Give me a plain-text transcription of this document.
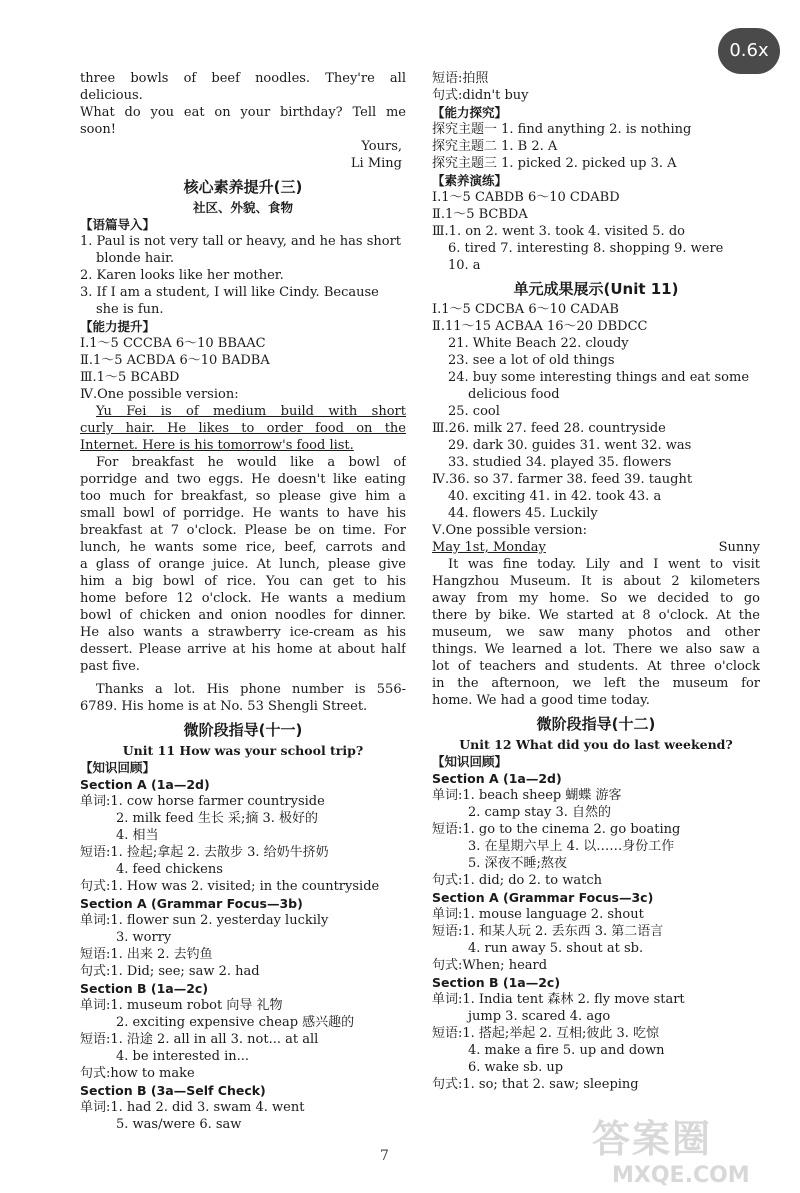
three bowls of beef noodles. They're all delicious.
What do you eat on your birthday? Tell me
soon!
Yours,
Li Ming
核心素养提升(三)
社区、外貌、食物
【语篇导入】
1. Paul is not very tall or heavy, and he has short
blonde hair.
2. Karen looks like her mother.
3. If I am a student, I will like Cindy. Because
she is fun.
【能力提升】
Ⅰ.1～5 CCCBA 6～10 BBAAC
Ⅱ.1～5 ACBDA 6～10 BADBA
Ⅲ.1～5 BCABD
Ⅳ.One possible version:
Yu Fei is of medium build with short
curly hair. He likes to order food on the
Internet. Here is his tomorrow's food list.
For breakfast he would like a bowl of
porridge and two eggs. He doesn't like eating
too much for breakfast, so please give him a
small bowl of porridge. He wants to have his
breakfast at 7 o'clock. Please be on time. For
lunch, he wants some rice, beef, carrots and
a glass of orange juice. At lunch, please give
him a big bowl of rice. You can get to his
home before 12 o'clock. He wants a medium
bowl of chicken and onion noodles for dinner.
He also wants a strawberry ice-cream as his
dessert. Please arrive at his home at about half
past five.
Thanks a lot. His phone number is 556-
6789. His home is at No. 53 Shengli Street.
微阶段指导(十一)
Unit 11 How was your school trip?
【知识回顾】
Section A (1a—2d)
单词:1. cow horse farmer countryside
2. milk feed 生长 采;摘 3. 极好的
4. 相当
短语:1. 捡起;拿起 2. 去散步 3. 给奶牛挤奶
4. feed chickens
句式:1. How was 2. visited; in the countryside
Section A (Grammar Focus—3b)
单词:1. flower sun 2. yesterday luckily
3. worry
短语:1. 出来 2. 去钓鱼
句式:1. Did; see; saw 2. had
Section B (1a—2c)
单词:1. museum robot 向导 礼物
2. exciting expensive cheap 感兴趣的
短语:1. 沿途 2. all in all 3. not... at all
4. be interested in...
句式:how to make
Section B (3a—Self Check)
单词:1. had 2. did 3. swam 4. went
5. was/were 6. saw
短语:拍照
句式:didn't buy
【能力探究】
探究主题一 1. find anything 2. is nothing
探究主题二 1. B 2. A
探究主题三 1. picked 2. picked up 3. A
【素养演练】
Ⅰ.1～5 CABDB 6～10 CDABD
Ⅱ.1～5 BCBDA
Ⅲ.1. on 2. went 3. took 4. visited 5. do
6. tired 7. interesting 8. shopping 9. were
10. a
单元成果展示(Unit 11)
Ⅰ.1～5 CDCBA 6～10 CADAB
Ⅱ.11～15 ACBAA 16～20 DBDCC
21. White Beach 22. cloudy
23. see a lot of old things
24. buy some interesting things and eat some
delicious food
25. cool
Ⅲ.26. milk 27. feed 28. countryside
29. dark 30. guides 31. went 32. was
33. studied 34. played 35. flowers
Ⅳ.36. so 37. farmer 38. feed 39. taught
40. exciting 41. in 42. took 43. a
44. flowers 45. Luckily
Ⅴ.One possible version:
May 1st, Monday	Sunny
It was fine today. Lily and I went to visit
Hangzhou Museum. It is about 2 kilometers
away from my home. So we decided to go
there by bike. We started at 8 o'clock. At the
museum, we saw many photos and other
things. We learned a lot. There we also saw a
lot of teachers and students. At three o'clock
in the afternoon, we left the museum for
home. We had a good time today.
微阶段指导(十二)
Unit 12 What did you do last weekend?
【知识回顾】
Section A (1a—2d)
单词:1. beach sheep 蝴蝶 游客
2. camp stay 3. 自然的
短语:1. go to the cinema 2. go boating
3. 在星期六早上 4. 以……身份工作
5. 深夜不睡;熬夜
句式:1. did; do 2. to watch
Section A (Grammar Focus—3c)
单词:1. mouse language 2. shout
短语:1. 和某人玩 2. 丢东西 3. 第二语言
4. run away 5. shout at sb.
句式:When; heard
Section B (1a—2c)
单词:1. India tent 森林 2. fly move start
jump 3. scared 4. ago
短语:1. 搭起;举起 2. 互相;彼此 3. 吃惊
4. make a fire 5. up and down
6. wake sb. up
句式:1. so; that 2. saw; sleeping
0.6x
7	答案圈
MXQE.COM
